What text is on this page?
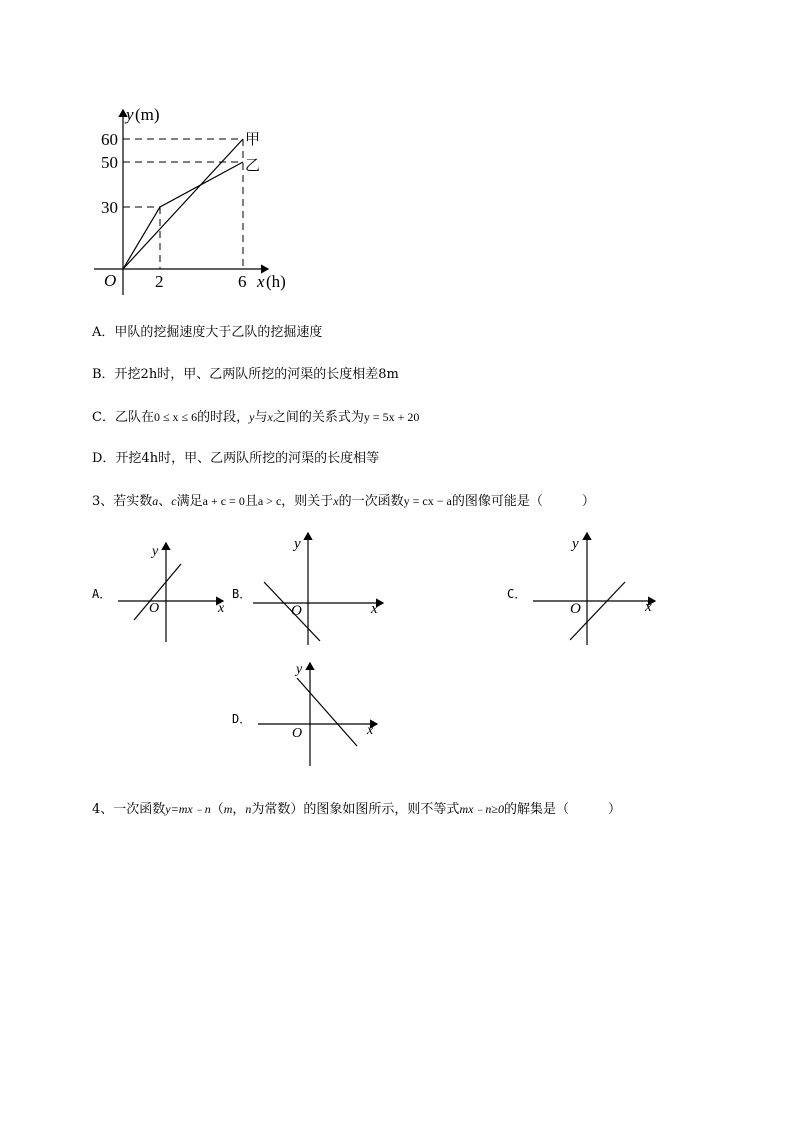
y (m)
60
50
30
O 2	6 x (h)
甲
乙
A．甲队的挖掘速度大于乙队的挖掘速度
B．开挖2h时，甲、乙两队所挖的河渠的长度相差8m
C．乙队在0 ≤ x ≤ 6的时段，y与x之间的关系式为y = 5x + 20
D．开挖4h时，甲、乙两队所挖的河渠的长度相等
3、若实数a、c满足a + c = 0且a > c，则关于x的一次函数y = cx − a的图像可能是（　　　）
A．
y
x
O
B．
y
x
O
C．
y
x
O
D．
y
x
O
4、一次函数y=mx﹣n（m，n为常数）的图象如图所示，则不等式mx﹣n≥0的解集是（　　　）
